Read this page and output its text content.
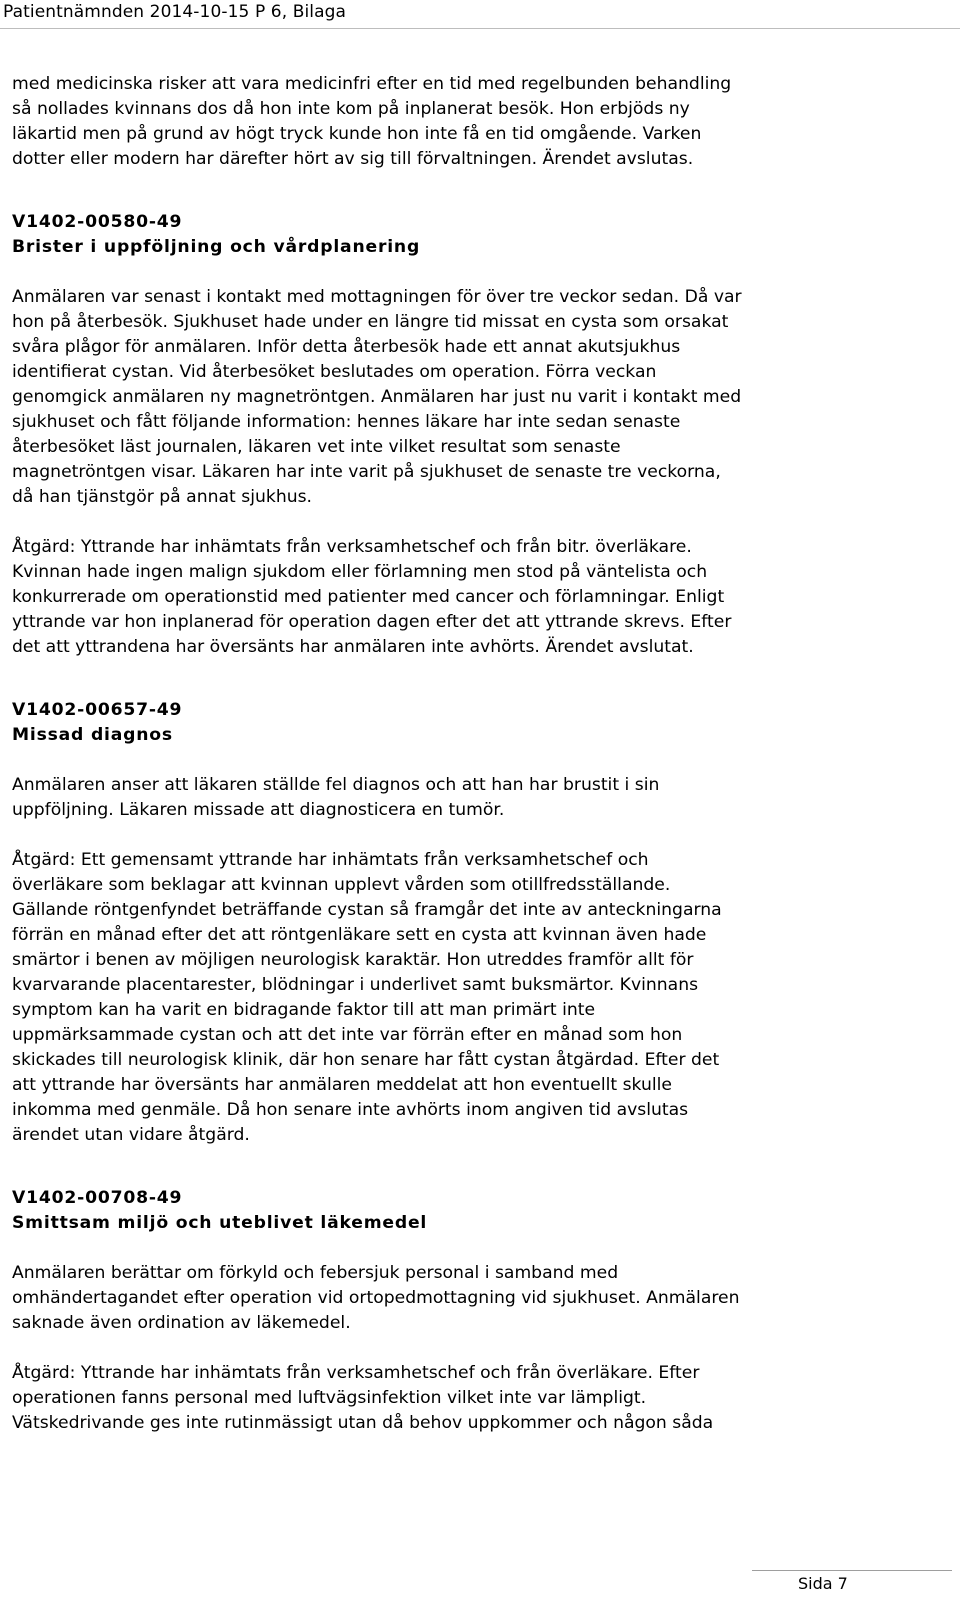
Patientnämnden 2014-10-15 P 6, Bilaga
med medicinska risker att vara medicinfri efter en tid med regelbunden behandling
så nollades kvinnans dos då hon inte kom på inplanerat besök. Hon erbjöds ny
läkartid men på grund av högt tryck kunde hon inte få en tid omgående. Varken
dotter eller modern har därefter hört av sig till förvaltningen. Ärendet avslutas.
V1402-00580-49
Brister i uppföljning och vårdplanering
Anmälaren var senast i kontakt med mottagningen för över tre veckor sedan. Då var
hon på återbesök. Sjukhuset hade under en längre tid missat en cysta som orsakat
svåra plågor för anmälaren. Inför detta återbesök hade ett annat akutsjukhus
identifierat cystan. Vid återbesöket beslutades om operation. Förra veckan
genomgick anmälaren ny magnetröntgen. Anmälaren har just nu varit i kontakt med
sjukhuset och fått följande information: hennes läkare har inte sedan senaste
återbesöket läst journalen, läkaren vet inte vilket resultat som senaste
magnetröntgen visar. Läkaren har inte varit på sjukhuset de senaste tre veckorna,
då han tjänstgör på annat sjukhus.
Åtgärd: Yttrande har inhämtats från verksamhetschef och från bitr. överläkare.
Kvinnan hade ingen malign sjukdom eller förlamning men stod på väntelista och
konkurrerade om operationstid med patienter med cancer och förlamningar. Enligt
yttrande var hon inplanerad för operation dagen efter det att yttrande skrevs. Efter
det att yttrandena har översänts har anmälaren inte avhörts. Ärendet avslutat.
V1402-00657-49
Missad diagnos
Anmälaren anser att läkaren ställde fel diagnos och att han har brustit i sin
uppföljning. Läkaren missade att diagnosticera en tumör.
Åtgärd: Ett gemensamt yttrande har inhämtats från verksamhetschef och
överläkare som beklagar att kvinnan upplevt vården som otillfredsställande.
Gällande röntgenfyndet beträffande cystan så framgår det inte av anteckningarna
förrän en månad efter det att röntgenläkare sett en cysta att kvinnan även hade
smärtor i benen av möjligen neurologisk karaktär. Hon utreddes framför allt för
kvarvarande placentarester, blödningar i underlivet samt buksmärtor. Kvinnans
symptom kan ha varit en bidragande faktor till att man primärt inte
uppmärksammade cystan och att det inte var förrän efter en månad som hon
skickades till neurologisk klinik, där hon senare har fått cystan åtgärdad. Efter det
att yttrande har översänts har anmälaren meddelat att hon eventuellt skulle
inkomma med genmäle. Då hon senare inte avhörts inom angiven tid avslutas
ärendet utan vidare åtgärd.
V1402-00708-49
Smittsam miljö och uteblivet läkemedel
Anmälaren berättar om förkyld och febersjuk personal i samband med
omhändertagandet efter operation vid ortopedmottagning vid sjukhuset. Anmälaren
saknade även ordination av läkemedel.
Åtgärd: Yttrande har inhämtats från verksamhetschef och från överläkare. Efter
operationen fanns personal med luftvägsinfektion vilket inte var lämpligt.
Vätskedrivande ges inte rutinmässigt utan då behov uppkommer och någon såda
Sida 7
